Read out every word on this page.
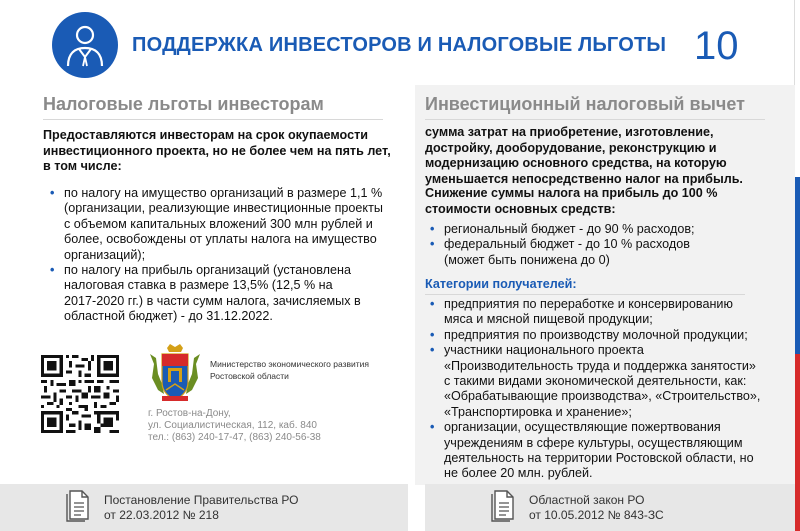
ПОДДЕРЖКА ИНВЕСТОРОВ И НАЛОГОВЫЕ ЛЬГОТЫ 10
Налоговые льготы инвесторам
Предоставляются инвесторам на срок окупаемости
инвестиционного проекта, но не более чем на пять лет,
в том числе:
• по налогу на имущество организаций в размере 1,1 %
(организации, реализующие инвестиционные проекты
с объемом капитальных вложений 300 млн рублей и
более, освобождены от уплаты налога на имущество
организаций);
• по налогу на прибыль организаций (установлена
налоговая ставка в размере 13,5% (12,5 % на
2017-2020 гг.) в части сумм налога, зачисляемых в
областной бюджет) - до 31.12.2022.
Министерство экономического развития
Ростовской области
г. Ростов-на-Дону,
ул. Социалистическая, 112, каб. 840
тел.: (863) 240-17-47, (863) 240-56-38
Постановление Правительства РО
от 22.03.2012 № 218
Инвестиционный налоговый вычет
сумма затрат на приобретение, изготовление,
достройку, дооборудование, реконструкцию и
модернизацию основного средства, на которую
уменьшается непосредственно налог на прибыль.
Снижение суммы налога на прибыль до 100 %
стоимости основных средств:
• региональный бюджет - до 90 % расходов;
• федеральный бюджет - до 10 % расходов
(может быть понижена до 0)
Категории получателей:
• предприятия по переработке и консервированию
мяса и мясной пищевой продукции;
• предприятия по производству молочной продукции;
• участники национального проекта
«Производительность труда и поддержка занятости»
с такими видами экономической деятельности, как:
«Обрабатывающие производства», «Строительство»,
«Транспортировка и хранение»;
• организации, осуществляющие пожертвования
учреждениям в сфере культуры, осуществляющим
деятельность на территории Ростовской области, но
не более 20 млн. рублей.
Областной закон РО
от 10.05.2012 № 843-ЗС
